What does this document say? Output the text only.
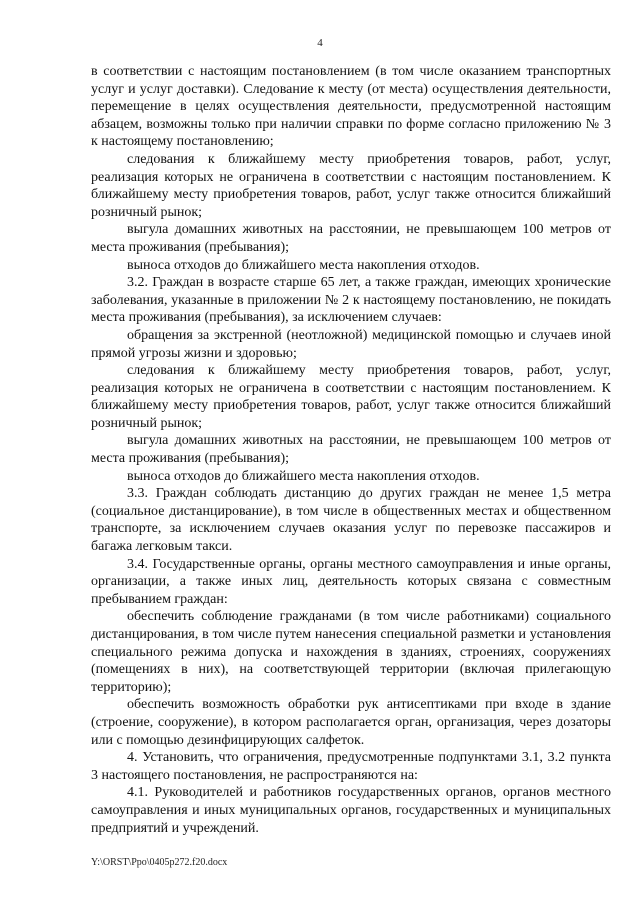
4

в соответствии с настоящим постановлением (в том числе оказанием транспортных услуг и услуг доставки). Следование к месту (от места) осуществления деятельности, перемещение в целях осуществления деятельности, предусмотренной настоящим абзацем, возможны только при наличии справки по форме согласно приложению № 3 к настоящему постановлению;

следования к ближайшему месту приобретения товаров, работ, услуг, реализация которых не ограничена в соответствии с настоящим постановлением. К ближайшему месту приобретения товаров, работ, услуг также относится ближайший розничный рынок;

выгула домашних животных на расстоянии, не превышающем 100 метров от места проживания (пребывания);

выноса отходов до ближайшего места накопления отходов.

3.2. Граждан в возрасте старше 65 лет, а также граждан, имеющих хронические заболевания, указанные в приложении № 2 к настоящему постановлению, не покидать места проживания (пребывания), за исключением случаев:

обращения за экстренной (неотложной) медицинской помощью и случаев иной прямой угрозы жизни и здоровью;

следования к ближайшему месту приобретения товаров, работ, услуг, реализация которых не ограничена в соответствии с настоящим постановлением. К ближайшему месту приобретения товаров, работ, услуг также относится ближайший розничный рынок;

выгула домашних животных на расстоянии, не превышающем 100 метров от места проживания (пребывания);

выноса отходов до ближайшего места накопления отходов.

3.3. Граждан соблюдать дистанцию до других граждан не менее 1,5 метра (социальное дистанцирование), в том числе в общественных местах и общественном транспорте, за исключением случаев оказания услуг по перевозке пассажиров и багажа легковым такси.

3.4. Государственные органы, органы местного самоуправления и иные органы, организации, а также иных лиц, деятельность которых связана с совместным пребыванием граждан:

обеспечить соблюдение гражданами (в том числе работниками) социального дистанцирования, в том числе путем нанесения специальной разметки и установления специального режима допуска и нахождения в зданиях, строениях, сооружениях (помещениях в них), на соответствующей территории (включая прилегающую территорию);

обеспечить возможность обработки рук антисептиками при входе в здание (строение, сооружение), в котором располагается орган, организация, через дозаторы или с помощью дезинфицирующих салфеток.

4. Установить, что ограничения, предусмотренные подпунктами 3.1, 3.2 пункта 3 настоящего постановления, не распространяются на:

4.1. Руководителей и работников государственных органов, органов местного самоуправления и иных муниципальных органов, государственных и муниципальных предприятий и учреждений.

Y:\ORST\Ppo\0405p272.f20.docx
